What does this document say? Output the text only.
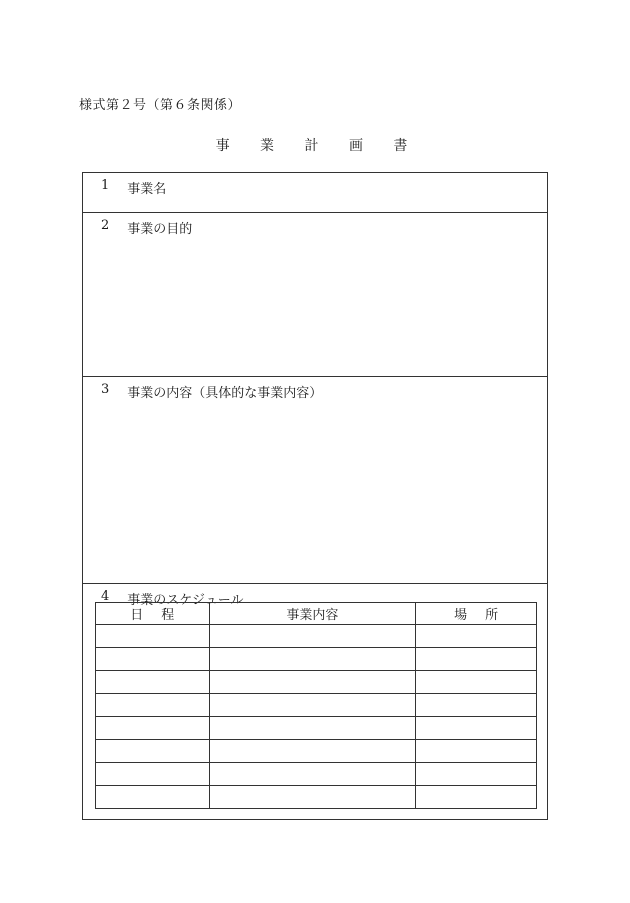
様式第２号（第６条関係）
事 業 計 画 書
1 事業名
2 事業の目的
3 事業の内容（具体的な事業内容）
4 事業のスケジュール
日程	事業内容	場所
